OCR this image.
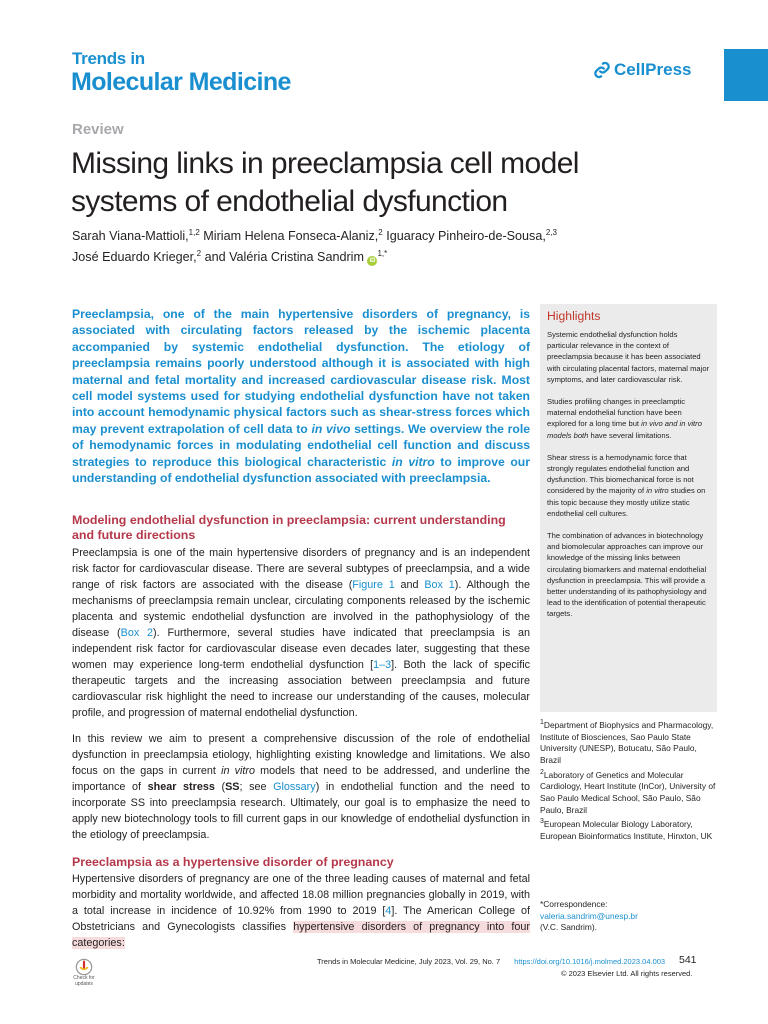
Trends in
Molecular Medicine	CellPress
Review
Missing links in preeclampsia cell model systems of endothelial dysfunction
Sarah Viana-Mattioli,$^{1,2}$ Miriam Helena Fonseca-Alaniz,$^2$ Iguaracy Pinheiro-de-Sousa,$^{2,3}$
José Eduardo Krieger,$^2$ and Valéria Cristina Sandrim $iD^{1,*}$
Preeclampsia, one of the main hypertensive disorders of pregnancy, is associated with circulating factors released by the ischemic placenta accompanied by systemic endothelial dysfunction. The etiology of preeclampsia remains poorly understood although it is associated with high maternal and fetal mortality and increased cardiovascular disease risk. Most cell model systems used for studying endothelial dysfunction have not taken into account hemodynamic physical factors such as shear-stress forces which may prevent extrapolation of cell data to in vivo settings. We overview the role of hemodynamic forces in modulating endothelial cell function and discuss strategies to reproduce this biological characteristic in vitro to improve our understanding of endothelial dysfunction associated with preeclampsia.
Highlights

Systemic endothelial dysfunction holds particular relevance in the context of preeclampsia because it has been associated with circulating placental factors, maternal major symptoms, and later cardiovascular risk.

Studies profiling changes in preeclamptic maternal endothelial function have been explored for a long time but in vivo and in vitro models both have several limitations.

Shear stress is a hemodynamic force that strongly regulates endothelial function and dysfunction. This biomechanical force is not considered by the majority of in vitro studies on this topic because they mostly utilize static endothelial cell cultures.

The combination of advances in biotechnology and biomolecular approaches can improve our knowledge of the missing links between circulating biomarkers and maternal endothelial dysfunction in preeclampsia. This will provide a better understanding of its pathophysiology and lead to the identification of potential therapeutic targets.

Modeling endothelial dysfunction in preeclampsia: current understanding and future directions
Preeclampsia is one of the main hypertensive disorders of pregnancy and is an independent risk factor for cardiovascular disease. There are several subtypes of preeclampsia, and a wide range of risk factors are associated with the disease (Figure 1 and Box 1). Although the mechanisms of preeclampsia remain unclear, circulating components released by the ischemic placenta and systemic endothelial dysfunction are involved in the pathophysiology of the disease (Box 2). Furthermore, several studies have indicated that preeclampsia is an independent risk factor for cardiovascular disease even decades later, suggesting that these women may experience long-term endothelial dysfunction [1–3]. Both the lack of specific therapeutic targets and the increasing association between preeclampsia and future cardiovascular risk highlight the need to increase our understanding of the causes, molecular profile, and progression of maternal endothelial dysfunction.
In this review we aim to present a comprehensive discussion of the role of endothelial dysfunction in preeclampsia etiology, highlighting existing knowledge and limitations. We also focus on the gaps in current in vitro models that need to be addressed, and underline the importance of shear stress (SS; see Glossary) in endothelial function and the need to incorporate SS into preeclampsia research. Ultimately, our goal is to emphasize the need to apply new biotechnology tools to fill current gaps in our knowledge of endothelial dysfunction in the etiology of preeclampsia.
Preeclampsia as a hypertensive disorder of pregnancy
Hypertensive disorders of pregnancy are one of the three leading causes of maternal and fetal morbidity and mortality worldwide, and affected 18.08 million pregnancies globally in 2019, with a total increase in incidence of 10.92% from 1990 to 2019 [4]. The American College of Obstetricians and Gynecologists classifies hypertensive disorders of pregnancy into four categories:

$^1$Department of Biophysics and Pharmacology, Institute of Biosciences, Sao Paulo State University (UNESP), Botucatu, São Paulo, Brazil

$^2$Laboratory of Genetics and Molecular Cardiology, Heart Institute (InCor), University of Sao Paulo Medical School, São Paulo, São Paulo, Brazil

$^3$European Molecular Biology Laboratory, European Bioinformatics Institute, Hinxton, UK

*Correspondence:
valeria.sandrim@unesp.br
(V.C. Sandrim).
Check for updates
Trends in Molecular Medicine, July 2023, Vol. 29, No. 7 https://doi.org/10.1016/j.molmed.2023.04.003 541
© 2023 Elsevier Ltd. All rights reserved.
